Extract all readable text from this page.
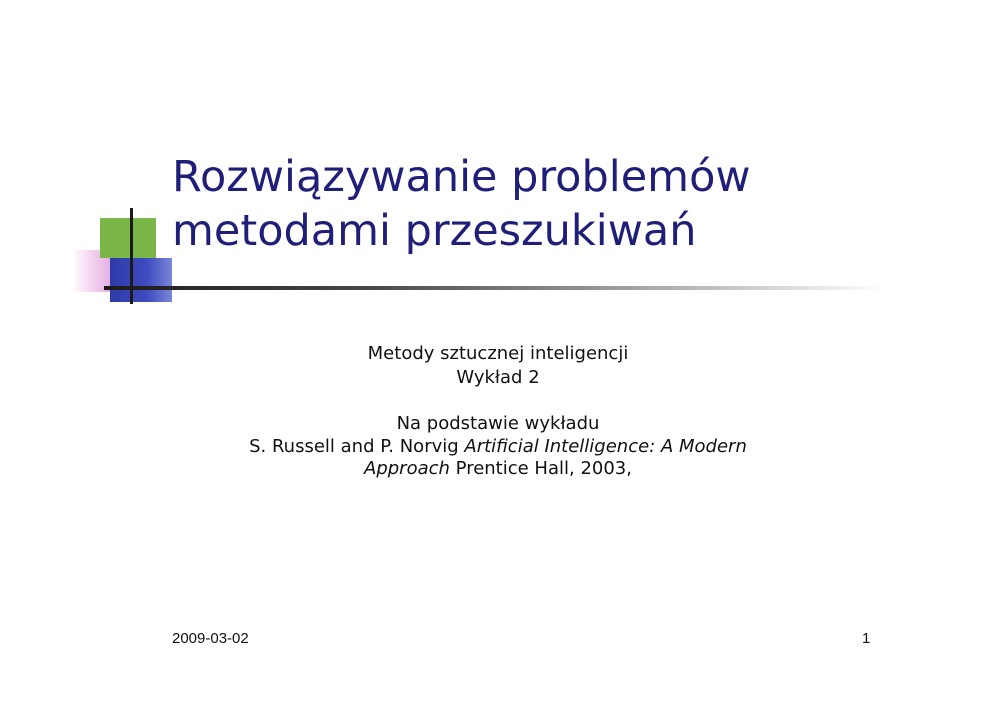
Rozwiązywanie problemów
metodami przeszukiwań
Metody sztucznej inteligencji
Wykład 2
Na podstawie wykładu
S. Russell and P. Norvig Artificial Intelligence: A Modern
Approach Prentice Hall, 2003,
2009-03-02	1
